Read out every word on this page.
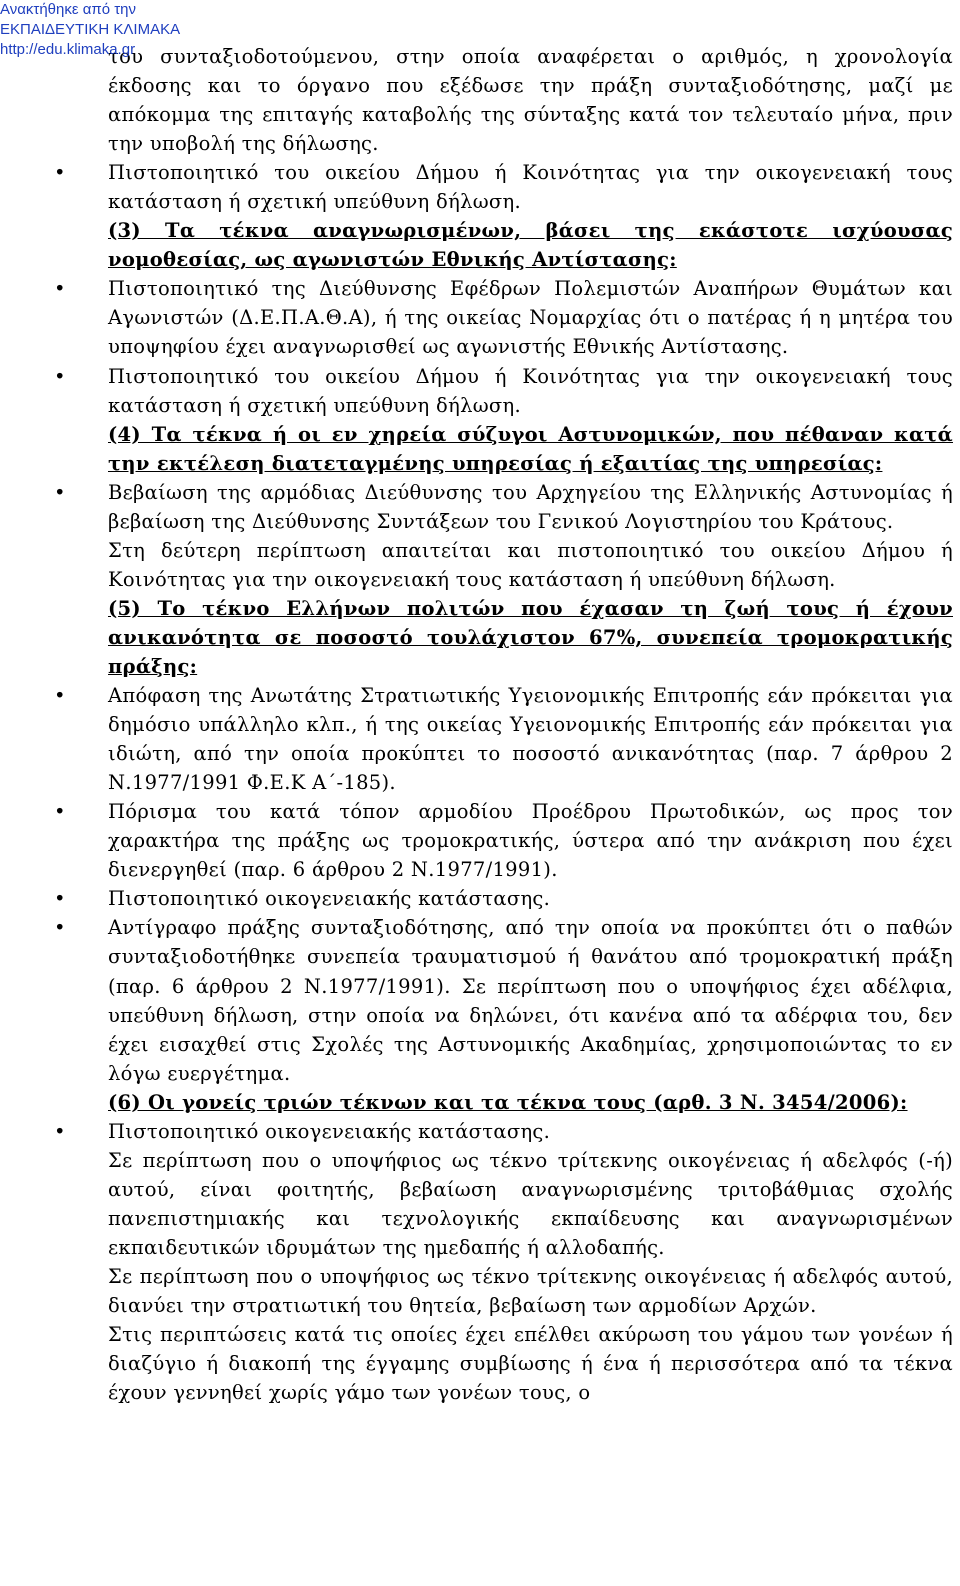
Ανακτήθηκε από την
ΕΚΠΑΙΔΕΥΤΙΚΗ ΚΛΙΜΑΚΑ
http://edu.klimaka.gr

του συνταξιοδοτούμενου, στην οποία αναφέρεται ο αριθμός, η χρονολογία έκδοσης και το όργανο που εξέδωσε την πράξη συνταξιοδότησης, μαζί με απόκομμα της επιταγής καταβολής της σύνταξης κατά τον τελευταίο μήνα, πριν την υποβολή της δήλωσης.

• Πιστοποιητικό του οικείου Δήμου ή Κοινότητας για την οικογενειακή τους κατάσταση ή σχετική υπεύθυνη δήλωση.

(3) Τα τέκνα αναγνωρισμένων, βάσει της εκάστοτε ισχύουσας νομοθεσίας, ως αγωνιστών Εθνικής Αντίστασης:

• Πιστοποιητικό της Διεύθυνσης Εφέδρων Πολεμιστών Αναπήρων Θυμάτων και Αγωνιστών (Δ.Ε.Π.Α.Θ.Α), ή της οικείας Νομαρχίας ότι ο πατέρας ή η μητέρα του υποψηφίου έχει αναγνωρισθεί ως αγωνιστής Εθνικής Αντίστασης.

• Πιστοποιητικό του οικείου Δήμου ή Κοινότητας για την οικογενειακή τους κατάσταση ή σχετική υπεύθυνη δήλωση.

(4) Τα τέκνα ή οι εν χηρεία σύζυγοι Αστυνομικών, που πέθαναν κατά την εκτέλεση διατεταγμένης υπηρεσίας ή εξαιτίας της υπηρεσίας:

• Βεβαίωση της αρμόδιας Διεύθυνσης του Αρχηγείου της Ελληνικής Αστυνομίας ή βεβαίωση της Διεύθυνσης Συντάξεων του Γενικού Λογιστηρίου του Κράτους.

Στη δεύτερη περίπτωση απαιτείται και πιστοποιητικό του οικείου Δήμου ή Κοινότητας για την οικογενειακή τους κατάσταση ή υπεύθυνη δήλωση.

(5) Το τέκνο Ελλήνων πολιτών που έχασαν τη ζωή τους ή έχουν ανικανότητα σε ποσοστό τουλάχιστον 67%, συνεπεία τρομοκρατικής πράξης:

• Απόφαση της Ανωτάτης Στρατιωτικής Υγειονομικής Επιτροπής εάν πρόκειται για δημόσιο υπάλληλο κλπ., ή της οικείας Υγειονομικής Επιτροπής εάν πρόκειται για ιδιώτη, από την οποία προκύπτει το ποσοστό ανικανότητας (παρ. 7 άρθρου 2 Ν.1977/1991 Φ.Ε.Κ Α΄-185).

• Πόρισμα του κατά τόπον αρμοδίου Προέδρου Πρωτοδικών, ως προς τον χαρακτήρα της πράξης ως τρομοκρατικής, ύστερα από την ανάκριση που έχει διενεργηθεί (παρ. 6 άρθρου 2 Ν.1977/1991).

• Πιστοποιητικό οικογενειακής κατάστασης.

• Αντίγραφο πράξης συνταξιοδότησης, από την οποία να προκύπτει ότι ο παθών συνταξιοδοτήθηκε συνεπεία τραυματισμού ή θανάτου από τρομοκρατική πράξη (παρ. 6 άρθρου 2 Ν.1977/1991). Σε περίπτωση που ο υποψήφιος έχει αδέλφια, υπεύθυνη δήλωση, στην οποία να δηλώνει, ότι κανένα από τα αδέρφια του, δεν έχει εισαχθεί στις Σχολές της Αστυνομικής Ακαδημίας, χρησιμοποιώντας το εν λόγω ευεργέτημα.

(6) Οι γονείς τριών τέκνων και τα τέκνα τους (αρθ. 3 Ν. 3454/2006):

• Πιστοποιητικό οικογενειακής κατάστασης.

Σε περίπτωση που ο υποψήφιος ως τέκνο τρίτεκνης οικογένειας ή αδελφός (-ή) αυτού, είναι φοιτητής, βεβαίωση αναγνωρισμένης τριτοβάθμιας σχολής πανεπιστημιακής και τεχνολογικής εκπαίδευσης και αναγνωρισμένων εκπαιδευτικών ιδρυμάτων της ημεδαπής ή αλλοδαπής.

Σε περίπτωση που ο υποψήφιος ως τέκνο τρίτεκνης οικογένειας ή αδελφός αυτού, διανύει την στρατιωτική του θητεία, βεβαίωση των αρμοδίων Αρχών.

Στις περιπτώσεις κατά τις οποίες έχει επέλθει ακύρωση του γάμου των γονέων ή διαζύγιο ή διακοπή της έγγαμης συμβίωσης ή ένα ή περισσότερα από τα τέκνα έχουν γεννηθεί χωρίς γάμο των γονέων τους, ο
